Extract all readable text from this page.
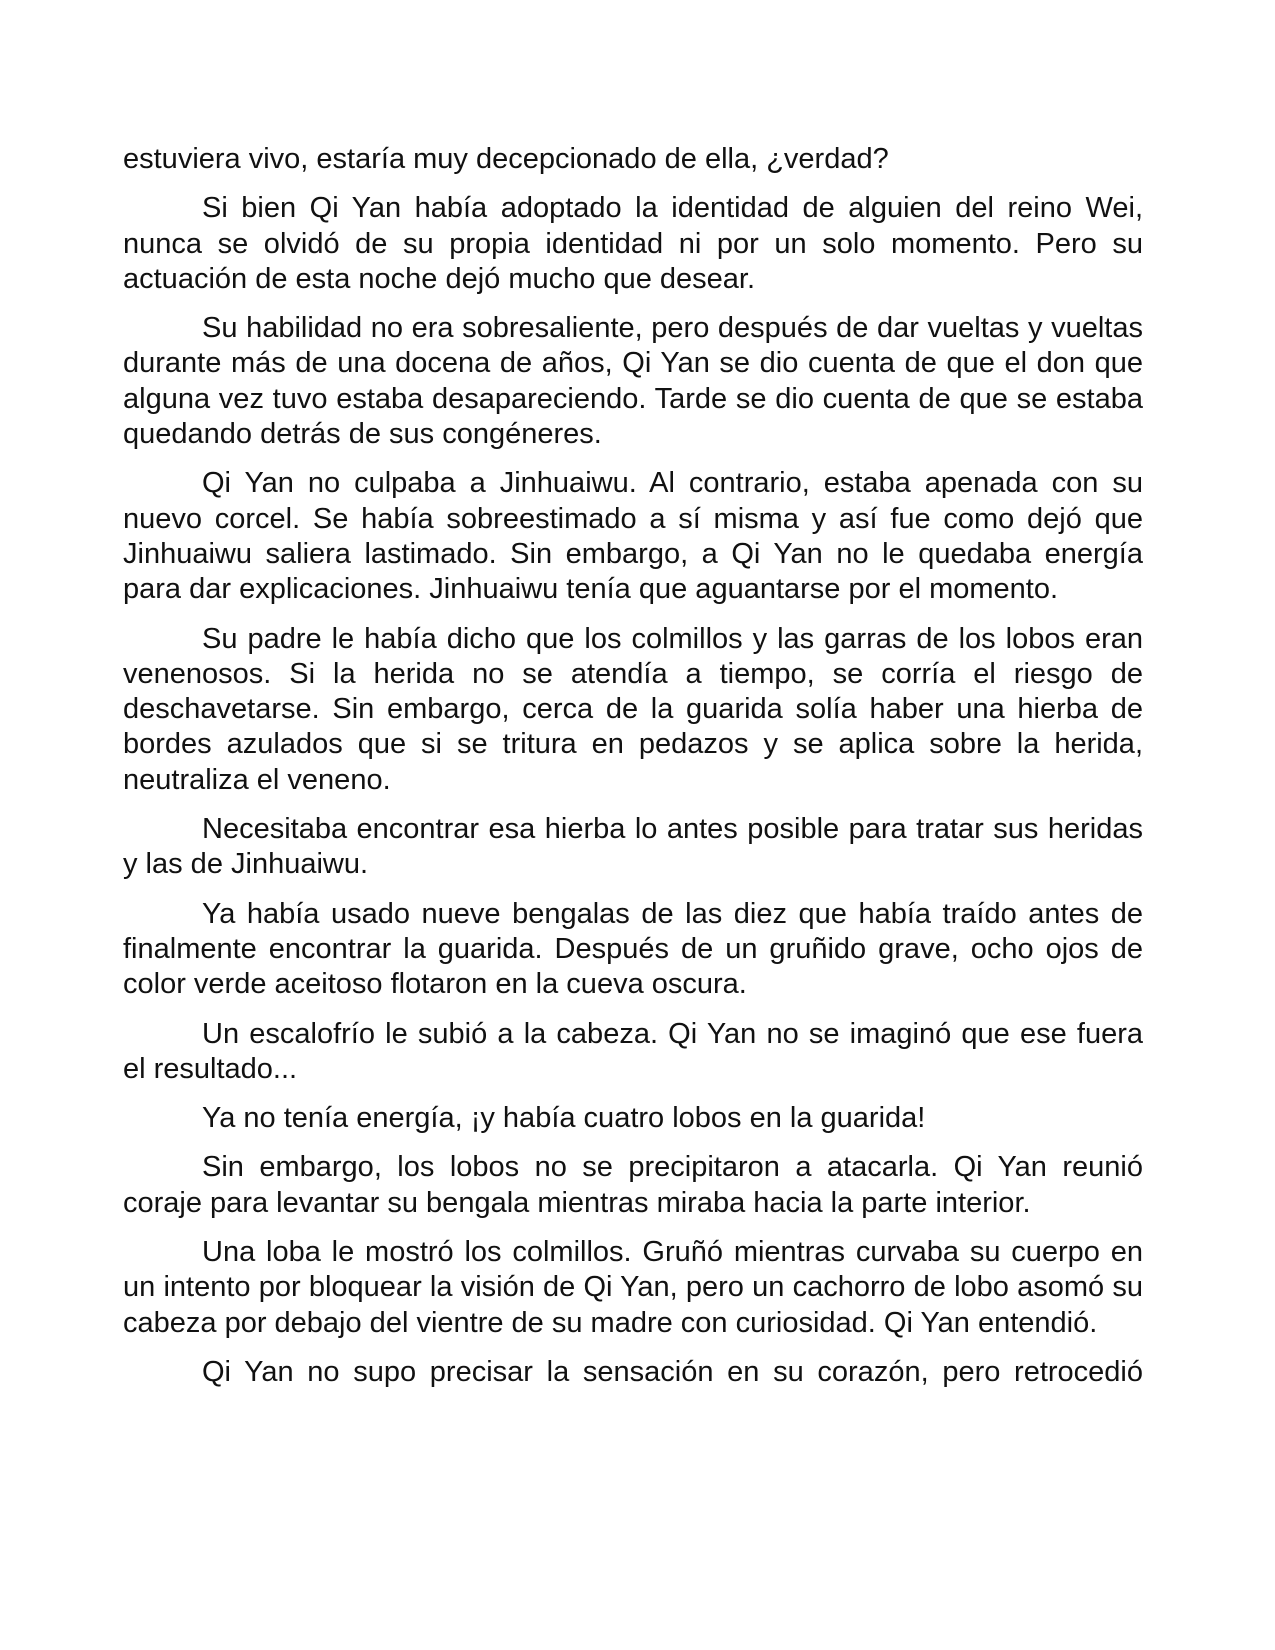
estuviera vivo, estaría muy decepcionado de ella, ¿verdad?

Si bien Qi Yan había adoptado la identidad de alguien del reino Wei, nunca se olvidó de su propia identidad ni por un solo momento. Pero su actuación de esta noche dejó mucho que desear.

Su habilidad no era sobresaliente, pero después de dar vueltas y vueltas durante más de una docena de años, Qi Yan se dio cuenta de que el don que alguna vez tuvo estaba desapareciendo. Tarde se dio cuenta de que se estaba quedando detrás de sus congéneres.

Qi Yan no culpaba a Jinhuaiwu. Al contrario, estaba apenada con su nuevo corcel. Se había sobreestimado a sí misma y así fue como dejó que Jinhuaiwu saliera lastimado. Sin embargo, a Qi Yan no le quedaba energía para dar explicaciones. Jinhuaiwu tenía que aguantarse por el momento.

Su padre le había dicho que los colmillos y las garras de los lobos eran venenosos. Si la herida no se atendía a tiempo, se corría el riesgo de deschavetarse. Sin embargo, cerca de la guarida solía haber una hierba de bordes azulados que si se tritura en pedazos y se aplica sobre la herida, neutraliza el veneno.

Necesitaba encontrar esa hierba lo antes posible para tratar sus heridas y las de Jinhuaiwu.

Ya había usado nueve bengalas de las diez que había traído antes de finalmente encontrar la guarida. Después de un gruñido grave, ocho ojos de color verde aceitoso flotaron en la cueva oscura.

Un escalofrío le subió a la cabeza. Qi Yan no se imaginó que ese fuera el resultado...

Ya no tenía energía, ¡y había cuatro lobos en la guarida!

Sin embargo, los lobos no se precipitaron a atacarla. Qi Yan reunió coraje para levantar su bengala mientras miraba hacia la parte interior.

Una loba le mostró los colmillos. Gruñó mientras curvaba su cuerpo en un intento por bloquear la visión de Qi Yan, pero un cachorro de lobo asomó su cabeza por debajo del vientre de su madre con curiosidad. Qi Yan entendió.

Qi Yan no supo precisar la sensación en su corazón, pero retrocedió
